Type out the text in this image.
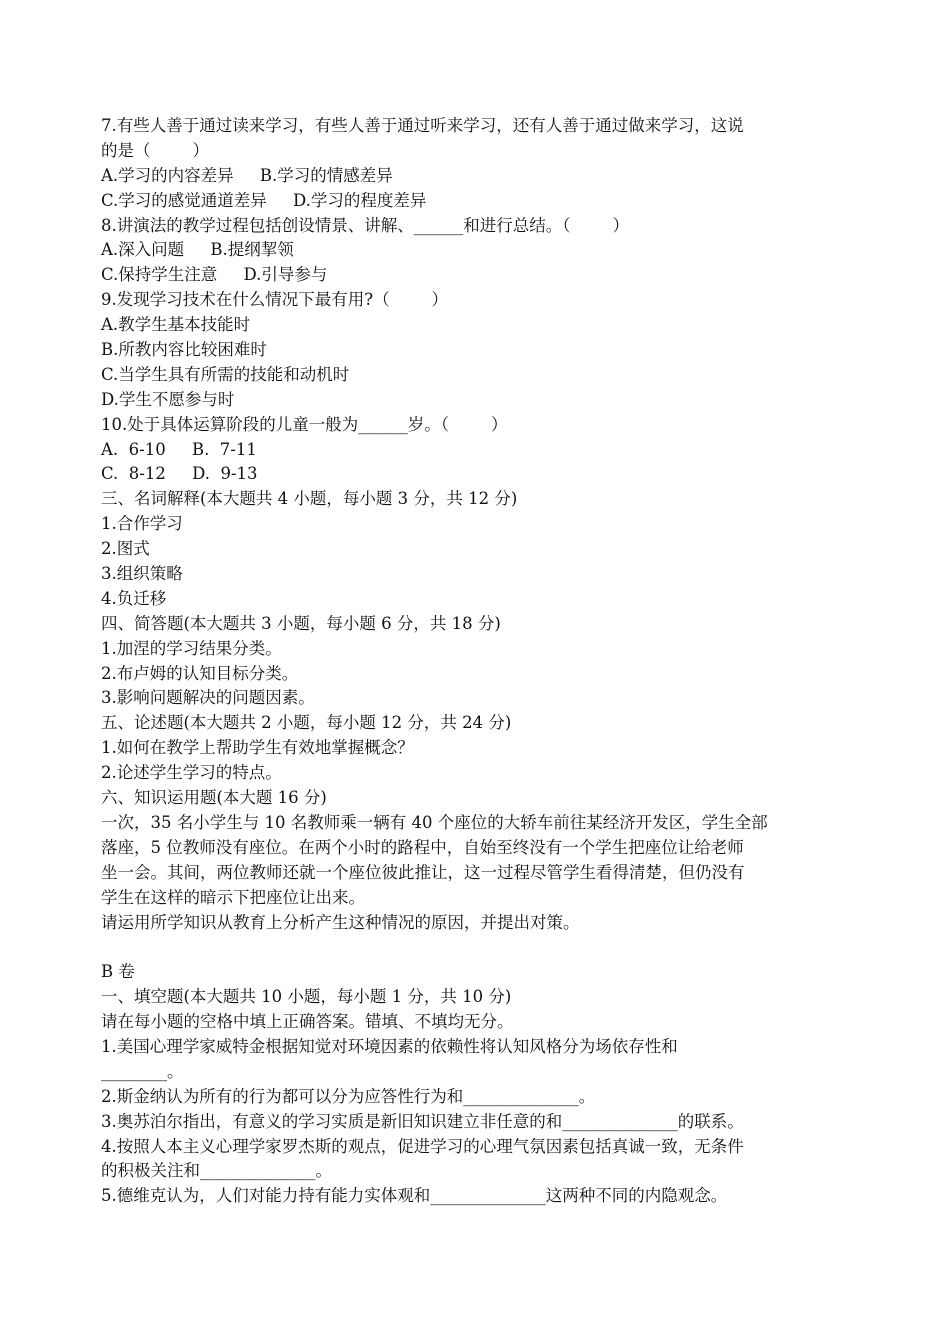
7.有些人善于通过读来学习，有些人善于通过听来学习，还有人善于通过做来学习，这说
的是（        ）
A.学习的内容差异     B.学习的情感差异
C.学习的感觉通道差异     D.学习的程度差异
8.讲演法的教学过程包括创设情景、讲解、______和进行总结。（        ）
A.深入问题     B.提纲挈领
C.保持学生注意     D.引导参与
9.发现学习技术在什么情况下最有用?（        ）
A.教学生基本技能时
B.所教内容比较困难时
C.当学生具有所需的技能和动机时
D.学生不愿参与时
10.处于具体运算阶段的儿童一般为______岁。（        ）
A.  6-10     B.  7-11
C.  8-12     D.  9-13
三、名词解释(本大题共 4 小题，每小题 3 分，共 12 分)
1.合作学习
2.图式
3.组织策略
4.负迁移
四、简答题(本大题共 3 小题，每小题 6 分，共 18 分)
1.加涅的学习结果分类。
2.布卢姆的认知目标分类。
3.影响问题解决的问题因素。
五、论述题(本大题共 2 小题，每小题 12 分，共 24 分)
1.如何在教学上帮助学生有效地掌握概念？
2.论述学生学习的特点。
六、知识运用题(本大题 16 分)
一次，35 名小学生与 10 名教师乘一辆有 40 个座位的大轿车前往某经济开发区，学生全部
落座，5 位教师没有座位。在两个小时的路程中，自始至终没有一个学生把座位让给老师
坐一会。其间，两位教师还就一个座位彼此推让，这一过程尽管学生看得清楚，但仍没有
学生在这样的暗示下把座位让出来。
请运用所学知识从教育上分析产生这种情况的原因，并提出对策。
B 卷
一、填空题(本大题共 10 小题，每小题 1 分，共 10 分)
请在每小题的空格中填上正确答案。错填、不填均无分。
1.美国心理学家威特金根据知觉对环境因素的依赖性将认知风格分为场依存性和
________。
2.斯金纳认为所有的行为都可以分为应答性行为和______________。
3.奥苏泊尔指出，有意义的学习实质是新旧知识建立非任意的和______________的联系。
4.按照人本主义心理学家罗杰斯的观点，促进学习的心理气氛因素包括真诚一致，无条件
的积极关注和______________。
5.德维克认为，人们对能力持有能力实体观和______________这两种不同的内隐观念。
